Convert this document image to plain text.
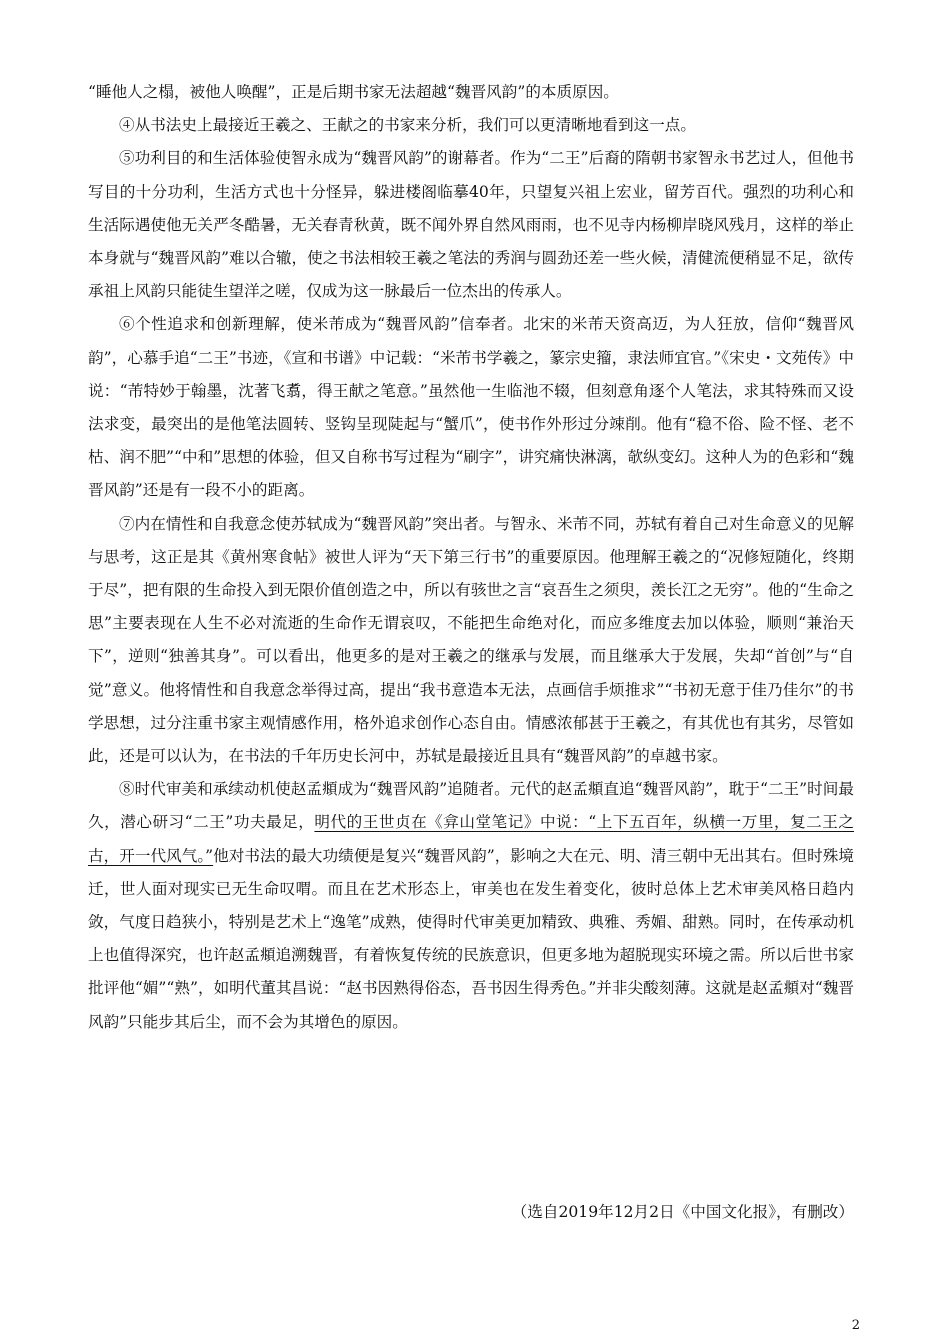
“睡他人之榻，被他人唤醒”，正是后期书家无法超越“魏晋风韵”的本质原因。

④从书法史上最接近王羲之、王献之的书家来分析，我们可以更清晰地看到这一点。

⑤功利目的和生活体验使智永成为“魏晋风韵”的谢幕者。作为“二王”后裔的隋朝书家智永书艺过人，但他书写目的十分功利，生活方式也十分怪异，躲进楼阁临摹40年，只望复兴祖上宏业，留芳百代。强烈的功利心和生活际遇使他无关严冬酷暑，无关春青秋黄，既不闻外界自然风雨雨，也不见寺内杨柳岸晓风残月，这样的举止本身就与“魏晋风韵”难以合辙，使之书法相较王羲之笔法的秀润与圆劲还差一些火候，清健流便稍显不足，欲传承祖上风韵只能徒生望洋之嗟，仅成为这一脉最后一位杰出的传承人。

⑥个性追求和创新理解，使米芾成为“魏晋风韵”信奉者。北宋的米芾天资高迈，为人狂放，信仰“魏晋风韵”，心慕手追“二王”书迹，《宣和书谱》中记载：“米芾书学羲之，篆宗史籀，隶法师宜官。”《宋史・文苑传》中说：“芾特妙于翰墨，沈著飞翥，得王献之笔意。”虽然他一生临池不辍，但刻意角逐个人笔法，求其特殊而又设法求变，最突出的是他笔法圆转、竖钩呈现陡起与“蟹爪”，使书作外形过分竦削。他有“稳不俗、险不怪、老不枯、润不肥”“中和”思想的体验，但又自称书写过程为“刷字”，讲究痛快淋漓，欹纵变幻。这种人为的色彩和“魏晋风韵”还是有一段不小的距离。

⑦内在情性和自我意念使苏轼成为“魏晋风韵”突出者。与智永、米芾不同，苏轼有着自己对生命意义的见解与思考，这正是其《黄州寒食帖》被世人评为“天下第三行书”的重要原因。他理解王羲之的“况修短随化，终期于尽”，把有限的生命投入到无限价值创造之中，所以有骇世之言“哀吾生之须臾，羡长江之无穷”。他的“生命之思”主要表现在人生不必对流逝的生命作无谓哀叹，不能把生命绝对化，而应多维度去加以体验，顺则“兼治天下”，逆则“独善其身”。可以看出，他更多的是对王羲之的继承与发展，而且继承大于发展，失却“首创”与“自觉”意义。他将情性和自我意念举得过高，提出“我书意造本无法，点画信手烦推求”“书初无意于佳乃佳尔”的书学思想，过分注重书家主观情感作用，格外追求创作心态自由。情感浓郁甚于王羲之，有其优也有其劣，尽管如此，还是可以认为，在书法的千年历史长河中，苏轼是最接近且具有“魏晋风韵”的卓越书家。

⑧时代审美和承续动机使赵孟頫成为“魏晋风韵”追随者。元代的赵孟頫直追“魏晋风韵”，耽于“二王”时间最久，潜心研习“二王”功夫最足，明代的王世贞在《弇山堂笔记》中说：“上下五百年，纵横一万里，复二王之古，开一代风气。”他对书法的最大功绩便是复兴“魏晋风韵”，影响之大在元、明、清三朝中无出其右。但时殊境迁，世人面对现实已无生命叹喟。而且在艺术形态上，审美也在发生着变化，彼时总体上艺术审美风格日趋内敛，气度日趋狭小，特别是艺术上“逸笔”成熟，使得时代审美更加精致、典雅、秀媚、甜熟。同时，在传承动机上也值得深究，也许赵孟頫追溯魏晋，有着恢复传统的民族意识，但更多地为超脱现实环境之需。所以后世书家批评他“媚”“熟”，如明代董其昌说：“赵书因熟得俗态，吾书因生得秀色。”并非尖酸刻薄。这就是赵孟頫对“魏晋风韵”只能步其后尘，而不会为其增色的原因。

（选自2019年12月2日《中国文化报》，有删改）

2
